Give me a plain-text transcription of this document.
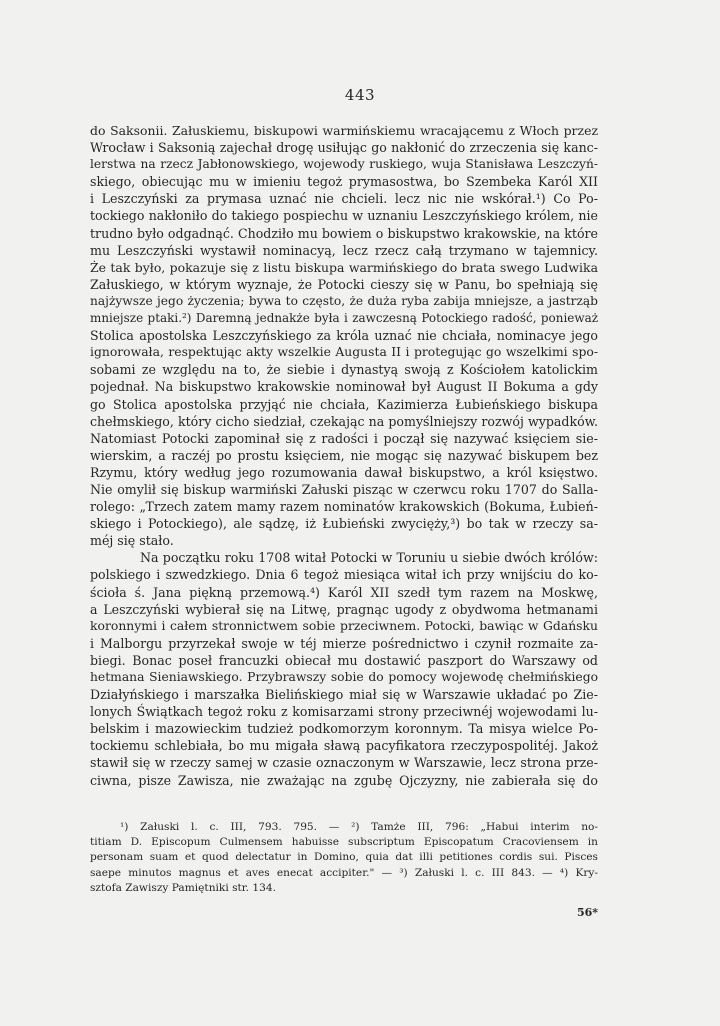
443
do Saksonii. Załuskiemu, biskupowi warmińskiemu wracającemu z Włoch przez
Wrocław i Saksonią zajechał drogę usiłując go nakłonić do zrzeczenia się kanc-
lerstwa na rzecz Jabłonowskiego, wojewody ruskiego, wuja Stanisława Leszczyń-
skiego, obiecując mu w imieniu tegoż prymasostwa, bo Szembeka Karól XII
i Leszczyński za prymasa uznać nie chcieli. lecz nic nie wskórał.¹) Co Po-
tockiego nakłoniło do takiego pospiechu w uznaniu Leszczyńskiego królem, nie
trudno było odgadnąć. Chodziło mu bowiem o biskupstwo krakowskie, na które
mu Leszczyński wystawił nominacyą, lecz rzecz całą trzymano w tajemnicy.
Że tak było, pokazuje się z listu biskupa warmińskiego do brata swego Ludwika
Załuskiego, w którym wyznaje, że Potocki cieszy się w Panu, bo spełniają się
najżywsze jego życzenia; bywa to często, że duża ryba zabija mniejsze, a jastrząb
mniejsze ptaki.²) Daremną jednakże była i zawczesną Potockiego radość, ponieważ
Stolica apostolska Leszczyńskiego za króla uznać nie chciała, nominacye jego
ignorowała, respektując akty wszelkie Augusta II i protegując go wszelkimi spo-
sobami ze względu na to, że siebie i dynastyą swoją z Kościołem katolickim
pojednał. Na biskupstwo krakowskie nominował był August II Bokuma a gdy
go Stolica apostolska przyjąć nie chciała, Kazimierza Łubieńskiego biskupa
chełmskiego, który cicho siedział, czekając na pomyślniejszy rozwój wypadków.
Natomiast Potocki zapominał się z radości i począł się nazywać księciem sie-
wierskim, a raczéj po prostu księciem, nie mogąc się nazywać biskupem bez
Rzymu, który według jego rozumowania dawał biskupstwo, a król księstwo.
Nie omylił się biskup warmiński Załuski pisząc w czerwcu roku 1707 do Salla-
rolego: „Trzech zatem mamy razem nominatów krakowskich (Bokuma, Łubień-
skiego i Potockiego), ale sądzę, iż Łubieński zwycięży,³) bo tak w rzeczy sa-
méj się stało.
Na początku roku 1708 witał Potocki w Toruniu u siebie dwóch królów:
polskiego i szwedzkiego. Dnia 6 tegoż miesiąca witał ich przy wnijściu do ko-
ścioła ś. Jana piękną przemową.⁴) Karól XII szedł tym razem na Moskwę,
a Leszczyński wybierał się na Litwę, pragnąc ugody z obydwoma hetmanami
koronnymi i całem stronnictwem sobie przeciwnem. Potocki, bawiąc w Gdańsku
i Malborgu przyrzekał swoje w téj mierze pośrednictwo i czynił rozmaite za-
biegi. Bonac poseł francuzki obiecał mu dostawić paszport do Warszawy od
hetmana Sieniawskiego. Przybrawszy sobie do pomocy wojewodę chełmińskiego
Działyńskiego i marszałka Bielińskiego miał się w Warszawie układać po Zie-
lonych Świątkach tegoż roku z komisarzami strony przeciwnéj wojewodami lu-
belskim i mazowieckim tudzież podkomorzym koronnym. Ta misya wielce Po-
tockiemu schlebiała, bo mu migała sławą pacyfikatora rzeczypospolitéj. Jakoż
stawił się w rzeczy samej w czasie oznaczonym w Warszawie, lecz strona prze-
ciwna, pisze Zawisza, nie zważając na zgubę Ojczyzny, nie zabierała się do
¹) Załuski l. c. III, 793. 795. — ²) Tamże III, 796: „Habui interim no-
titiam D. Episcopum Culmensem habuisse subscriptum Episcopatum Cracoviensem in
personam suam et quod delectatur in Domino, quia dat illi petitiones cordis sui. Pisces
saepe minutos magnus et aves enecat accipiter." — ³) Załuski l. c. III 843. — ⁴) Kry-
sztofa Zawiszy Pamiętniki str. 134.
56*
